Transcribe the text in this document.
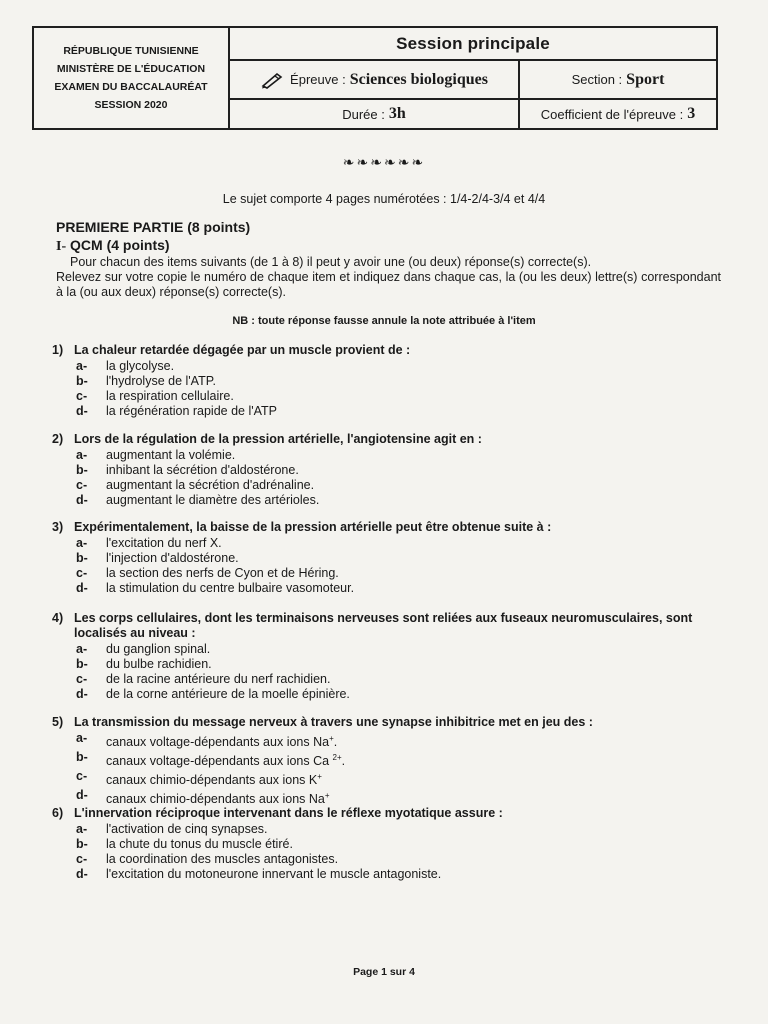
RÉPUBLIQUE TUNISIENNE
MINISTÈRE DE L'ÉDUCATION
EXAMEN DU BACCALAURÉAT
SESSION 2020
Session principale
Épreuve : Sciences biologiques	Section : Sport
Durée : 3h	Coefficient de l'épreuve : 3
❧❧❧❧❧❧
Le sujet comporte 4 pages numérotées : 1/4-2/4-3/4 et 4/4
PREMIERE PARTIE (8 points)
I- QCM (4 points)
Pour chacun des items suivants (de 1 à 8) il peut y avoir une (ou deux) réponse(s) correcte(s).
Relevez sur votre copie le numéro de chaque item et indiquez dans chaque cas, la (ou les deux) lettre(s) correspondant à la (ou aux deux) réponse(s) correcte(s).
NB : toute réponse fausse annule la note attribuée à l'item
1) La chaleur retardée dégagée par un muscle provient de :
a-	la glycolyse.
b-	l'hydrolyse de l'ATP.
c-	la respiration cellulaire.
d-	la régénération rapide de l'ATP
2) Lors de la régulation de la pression artérielle, l'angiotensine agit en :
a-	augmentant la volémie.
b-	inhibant la sécrétion d'aldostérone.
c-	augmentant la sécrétion d'adrénaline.
d-	augmentant le diamètre des artérioles.
3) Expérimentalement, la baisse de la pression artérielle peut être obtenue suite à :
a-	l'excitation du nerf X.
b-	l'injection d'aldostérone.
c-	la section des nerfs de Cyon et de Héring.
d-	la stimulation du centre bulbaire vasomoteur.
4) Les corps cellulaires, dont les terminaisons nerveuses sont reliées aux fuseaux neuromusculaires, sont localisés au niveau :
a-	du ganglion spinal.
b-	du bulbe rachidien.
c-	de la racine antérieure du nerf rachidien.
d-	de la corne antérieure de la moelle épinière.
5) La transmission du message nerveux à travers une synapse inhibitrice met en jeu des :
a-	canaux voltage-dépendants aux ions Na+.
b-	canaux voltage-dépendants aux ions Ca $^{2+}$.
c-	canaux chimio-dépendants aux ions K+
d-	canaux chimio-dépendants aux ions Na+
6) L'innervation réciproque intervenant dans le réflexe myotatique assure :
a-	l'activation de cinq synapses.
b-	la chute du tonus du muscle étiré.
c-	la coordination des muscles antagonistes.
d-	l'excitation du motoneurone innervant le muscle antagoniste.
Page 1 sur 4
